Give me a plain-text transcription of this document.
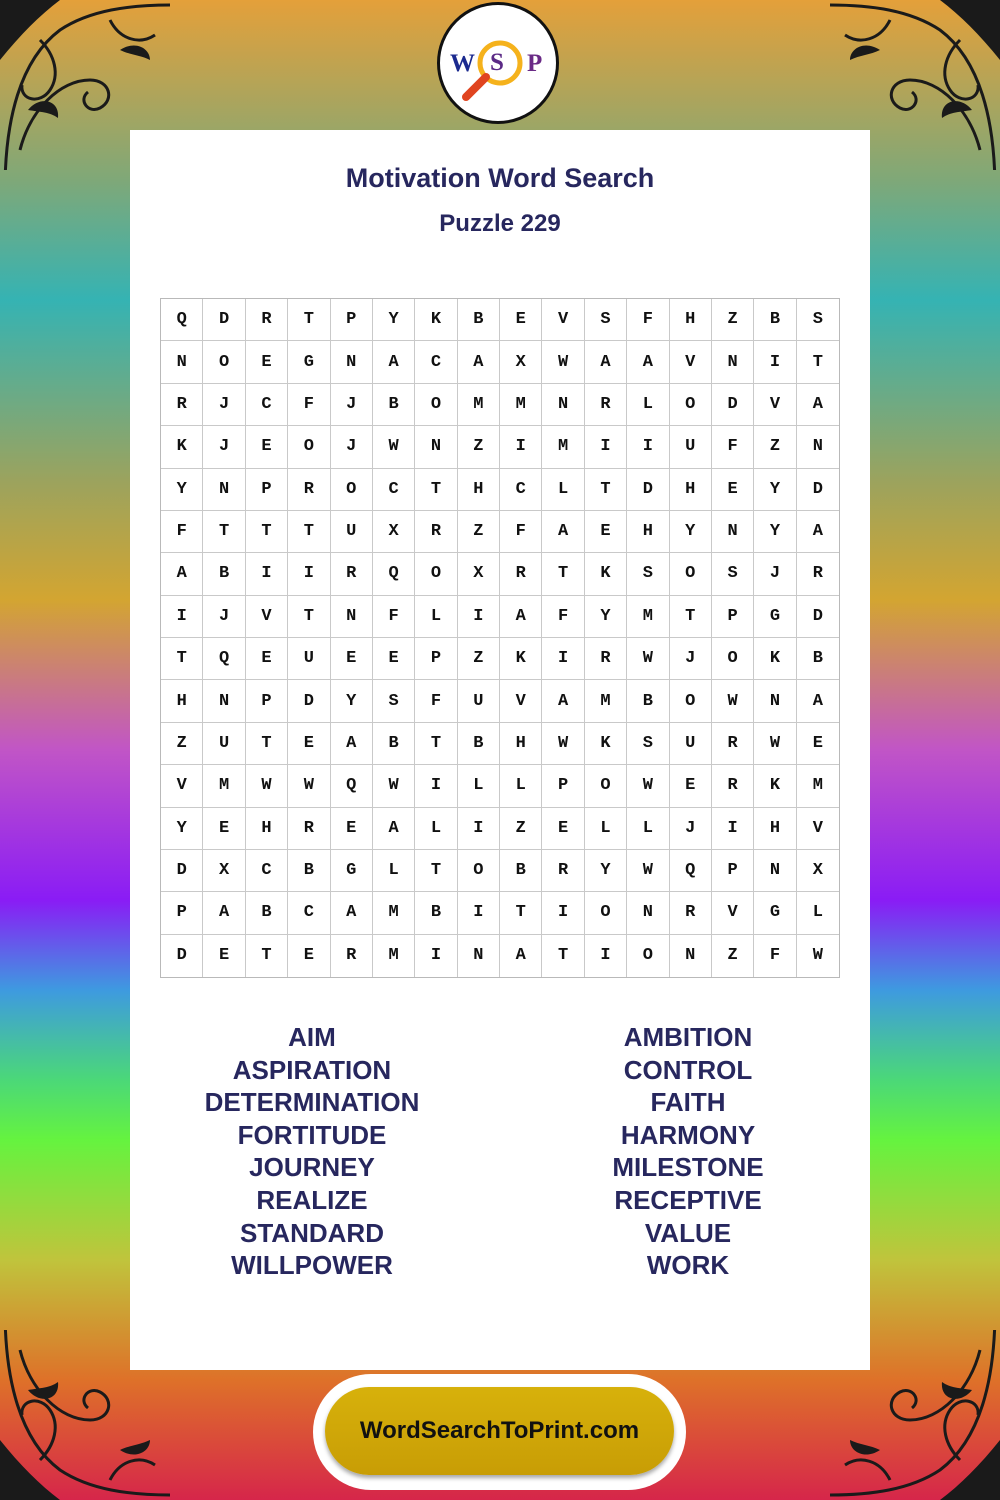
W S P
Motivation Word Search
Puzzle 229
Q	D	R	T	P	Y	K	B	E	V	S	F	H	Z	B	S
N	O	E	G	N	A	C	A	X	W	A	A	V	N	I	T
R	J	C	F	J	B	O	M	M	N	R	L	O	D	V	A
K	J	E	O	J	W	N	Z	I	M	I	I	U	F	Z	N
Y	N	P	R	O	C	T	H	C	L	T	D	H	E	Y	D
F	T	T	T	U	X	R	Z	F	A	E	H	Y	N	Y	A
A	B	I	I	R	Q	O	X	R	T	K	S	O	S	J	R
I	J	V	T	N	F	L	I	A	F	Y	M	T	P	G	D
T	Q	E	U	E	E	P	Z	K	I	R	W	J	O	K	B
H	N	P	D	Y	S	F	U	V	A	M	B	O	W	N	A
Z	U	T	E	A	B	T	B	H	W	K	S	U	R	W	E
V	M	W	W	Q	W	I	L	L	P	O	W	E	R	K	M
Y	E	H	R	E	A	L	I	Z	E	L	L	J	I	H	V
D	X	C	B	G	L	T	O	B	R	Y	W	Q	P	N	X
P	A	B	C	A	M	B	I	T	I	O	N	R	V	G	L
D	E	T	E	R	M	I	N	A	T	I	O	N	Z	F	W
AIM
ASPIRATION
DETERMINATION
FORTITUDE
JOURNEY
REALIZE
STANDARD
WILLPOWER
AMBITION
CONTROL
FAITH
HARMONY
MILESTONE
RECEPTIVE
VALUE
WORK
WordSearchToPrint.com
